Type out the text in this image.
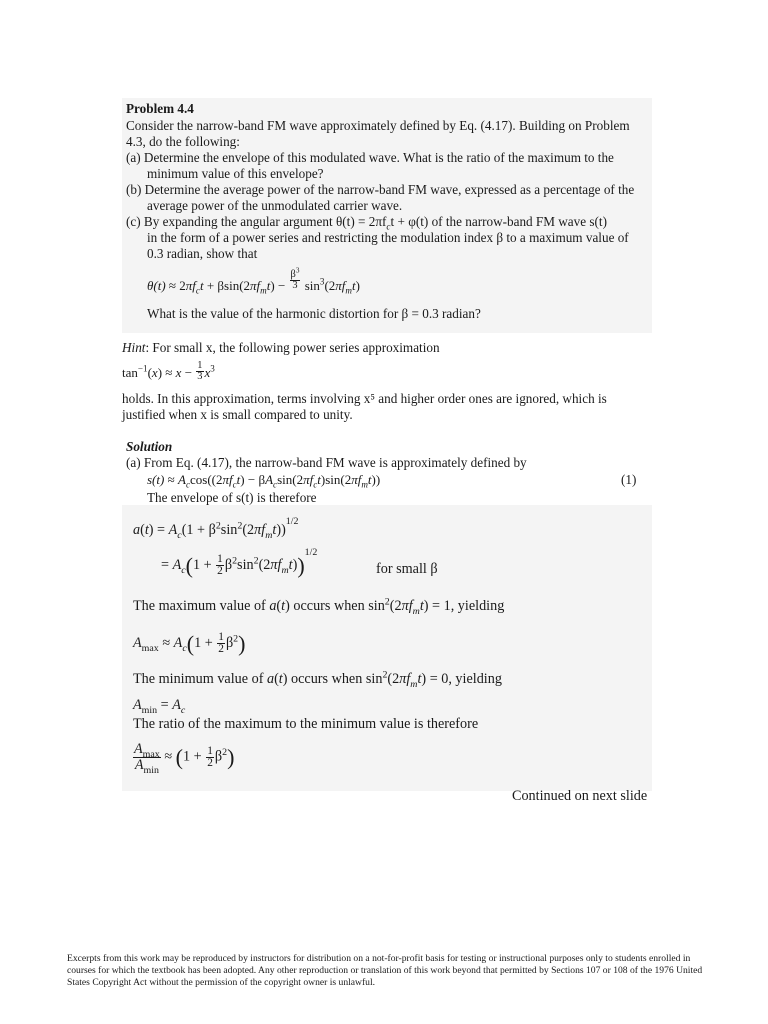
Problem 4.4
Consider the narrow-band FM wave approximately defined by Eq. (4.17). Building on Problem
4.3, do the following:
(a) Determine the envelope of this modulated wave. What is the ratio of the maximum to the
minimum value of this envelope?
(b) Determine the average power of the narrow-band FM wave, expressed as a percentage of the
average power of the unmodulated carrier wave.
(c) By expanding the angular argument $\theta(t) = 2\pi f_ct + \varphi(t)$ of the narrow-band FM wave s(t)
in the form of a power series and restricting the modulation index β to a maximum value of
0.3 radian, show that
$\theta(t) \approx 2\pi f_ct + \beta\sin(2\pi f_mt) - \frac{\beta^3}{3} \sin^3(2\pi f_mt)$
What is the value of the harmonic distortion for β = 0.3 radian?
Hint: For small x, the following power series approximation
$\tan^{-1}(x) \approx x - \frac{1}{3} x^3$
holds. In this approximation, terms involving x⁵ and higher order ones are ignored, which is
justified when x is small compared to unity.
Solution
(a) From Eq. (4.17), the narrow-band FM wave is approximately defined by
$s(t) \approx A_c\cos((2\pi f_ct) - \beta A_c\sin(2\pi f_ct)\sin(2\pi f_mt))$	(1)
The envelope of s(t) is therefore
$a(t) = A_c(1 + \beta^2\sin^2(2\pi f_mt))^{1/2}$
= $A_c(1 + \frac{1}{2} \beta^2\sin^2(2\pi f_mt))^{1/2}$
for small β
The maximum value of a(t) occurs when $\sin^2(2\pi f_mt) = 1$, yielding
$A_{max} \approx A_c(1 + \frac{1}{2} \beta^2)$
The minimum value of a(t) occurs when $\sin^2(2\pi f_mt) = 0$, yielding
$A_{min} = A_c$
The ratio of the maximum to the minimum value is therefore
$A_{max}$
$A_{min}$
≈ $(1 + \frac{1}{2} \beta^2)$
Continued on next slide
Excerpts from this work may be reproduced by instructors for distribution on a not-for-profit basis for testing or instructional purposes only to students enrolled in courses for which the textbook has been adopted. Any other reproduction or translation of this work beyond that permitted by Sections 107 or 108 of the 1976 United States Copyright Act without the permission of the copyright owner is unlawful.
